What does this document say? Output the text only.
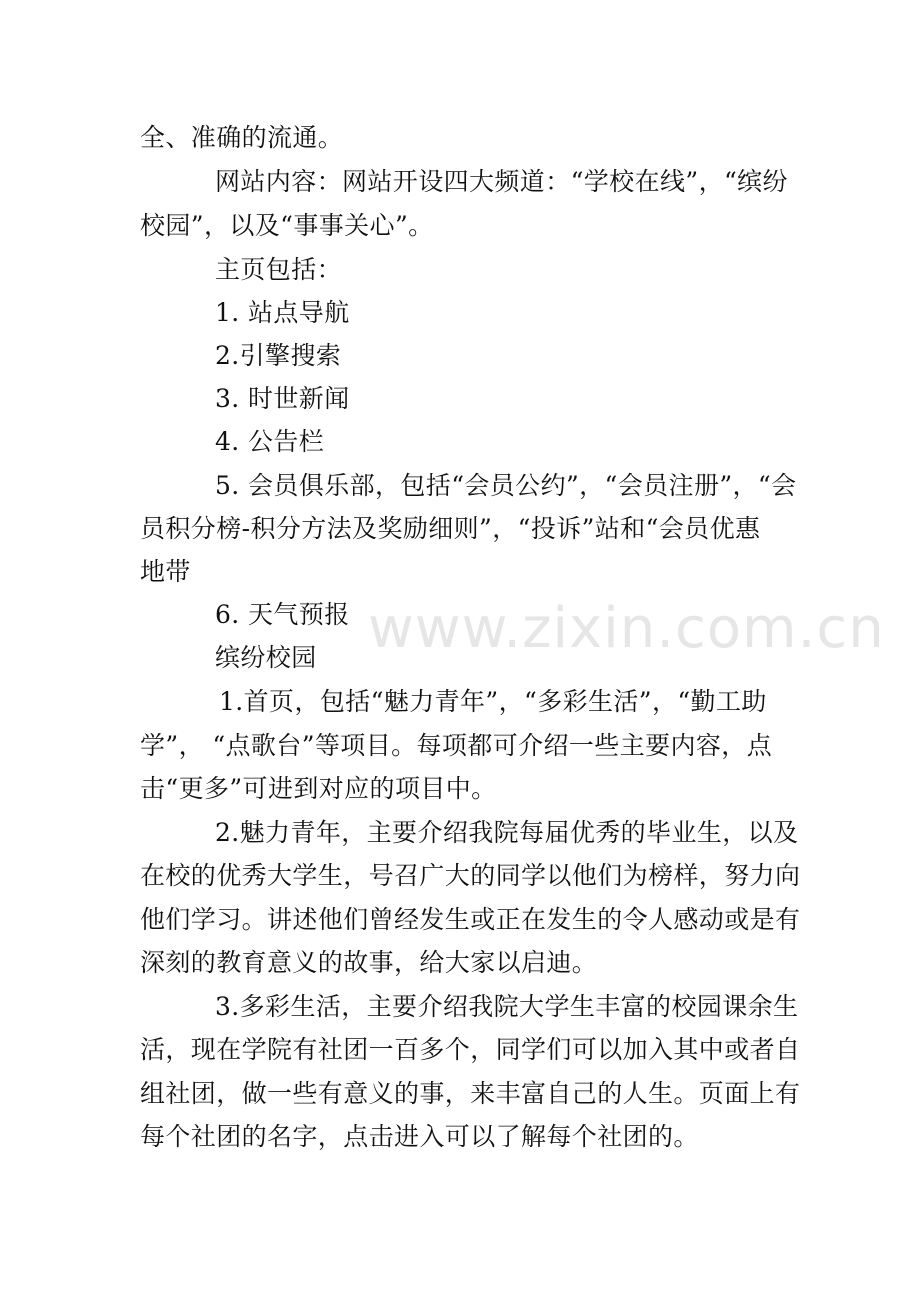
全、准确的流通。
网站内容：网站开设四大频道：“学校在线”，“缤纷
校园”，以及“事事关心”。
主页包括：
1. 站点导航
2.引擎搜索
3. 时世新闻
4. 公告栏
5. 会员俱乐部，包括“会员公约”，“会员注册”，“会
员积分榜-积分方法及奖励细则”，“投诉”站和“会员优惠
地带
6. 天气预报
缤纷校园
1.首页，包括“魅力青年”，“多彩生活”，“勤工助
学”， “点歌台”等项目。每项都可介绍一些主要内容，点
击“更多”可进到对应的项目中。
2.魅力青年，主要介绍我院每届优秀的毕业生，以及
在校的优秀大学生，号召广大的同学以他们为榜样，努力向
他们学习。讲述他们曾经发生或正在发生的令人感动或是有
深刻的教育意义的故事，给大家以启迪。
3.多彩生活，主要介绍我院大学生丰富的校园课余生
活，现在学院有社团一百多个，同学们可以加入其中或者自
组社团，做一些有意义的事，来丰富自己的人生。页面上有
每个社团的名字，点击进入可以了解每个社团的。
www.zixin.com.cn
